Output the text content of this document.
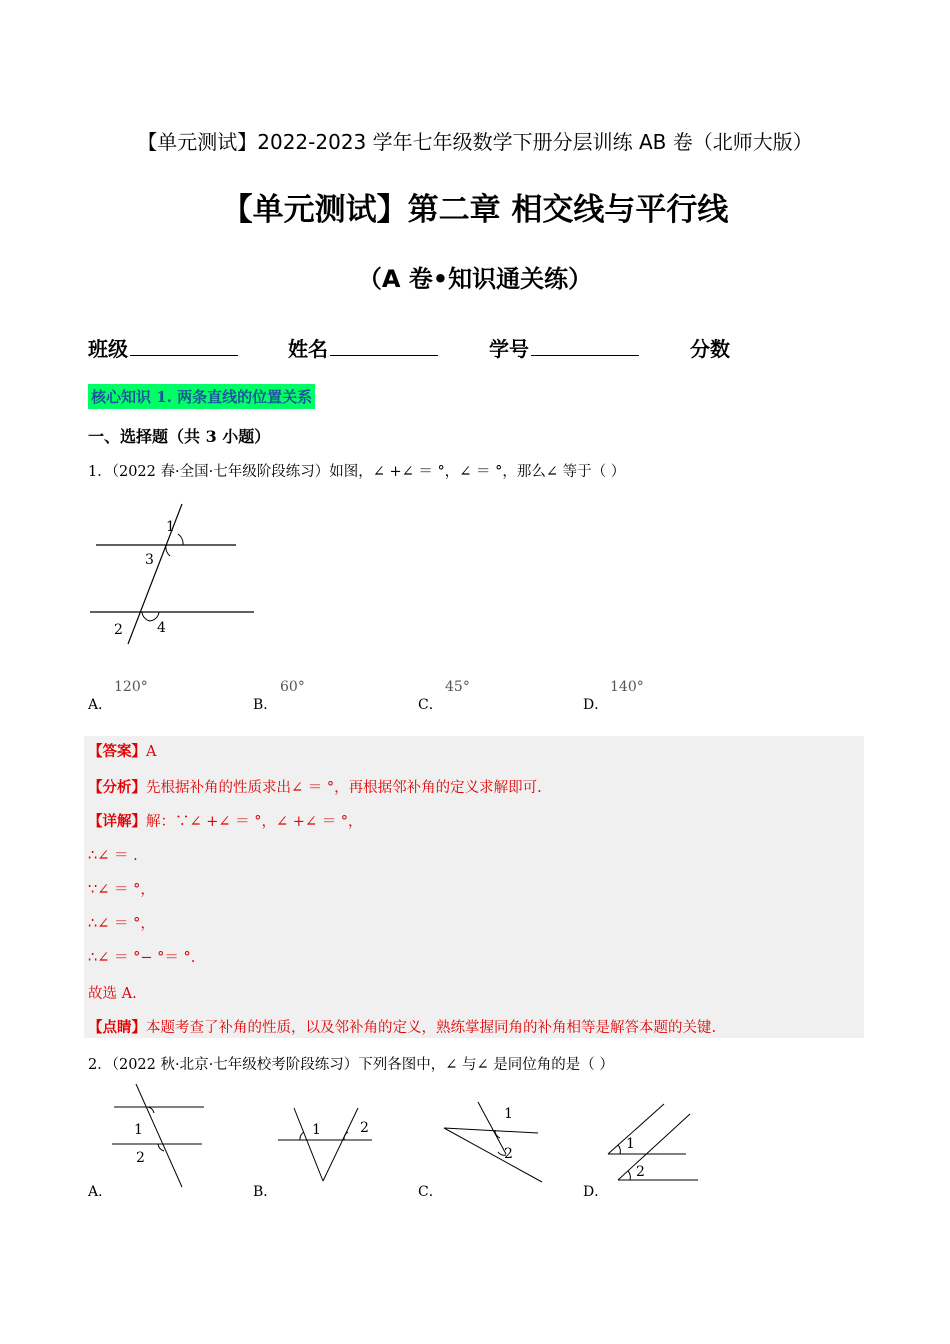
【单元测试】2022-2023 学年七年级数学下册分层训练 AB 卷（北师大版）
【单元测试】第二章 相交线与平行线
（A 卷•知识通关练）
班级	姓名	学号	分数
核心知识 1. 两条直线的位置关系
一、选择题（共 3 小题）
1．（2022 春·全国·七年级阶段练习）如图，∠ +∠ ＝ °，∠ ＝ °，那么∠ 等于（ ）
1
3
2 4
A．
120°
B．
60°
C．
45°
D．
140°
【答案】A
【分析】先根据补角的性质求出∠ ＝ °，再根据邻补角的定义求解即可.
【详解】解：∵∠ +∠ ＝ °，∠ +∠ ＝ °，
∴∠ ＝ .
∵∠ ＝ °，
∴∠ ＝ °，
∴∠ ＝ °− °＝ °.
故选 A.
【点睛】本题考查了补角的性质，以及邻补角的定义，熟练掌握同角的补角相等是解答本题的关键.
2．（2022 秋·北京·七年级校考阶段练习）下列各图中，∠ 与∠ 是同位角的是（ ）
1
2
1	2
1
2
1
2
A．	B．	C．	D．
